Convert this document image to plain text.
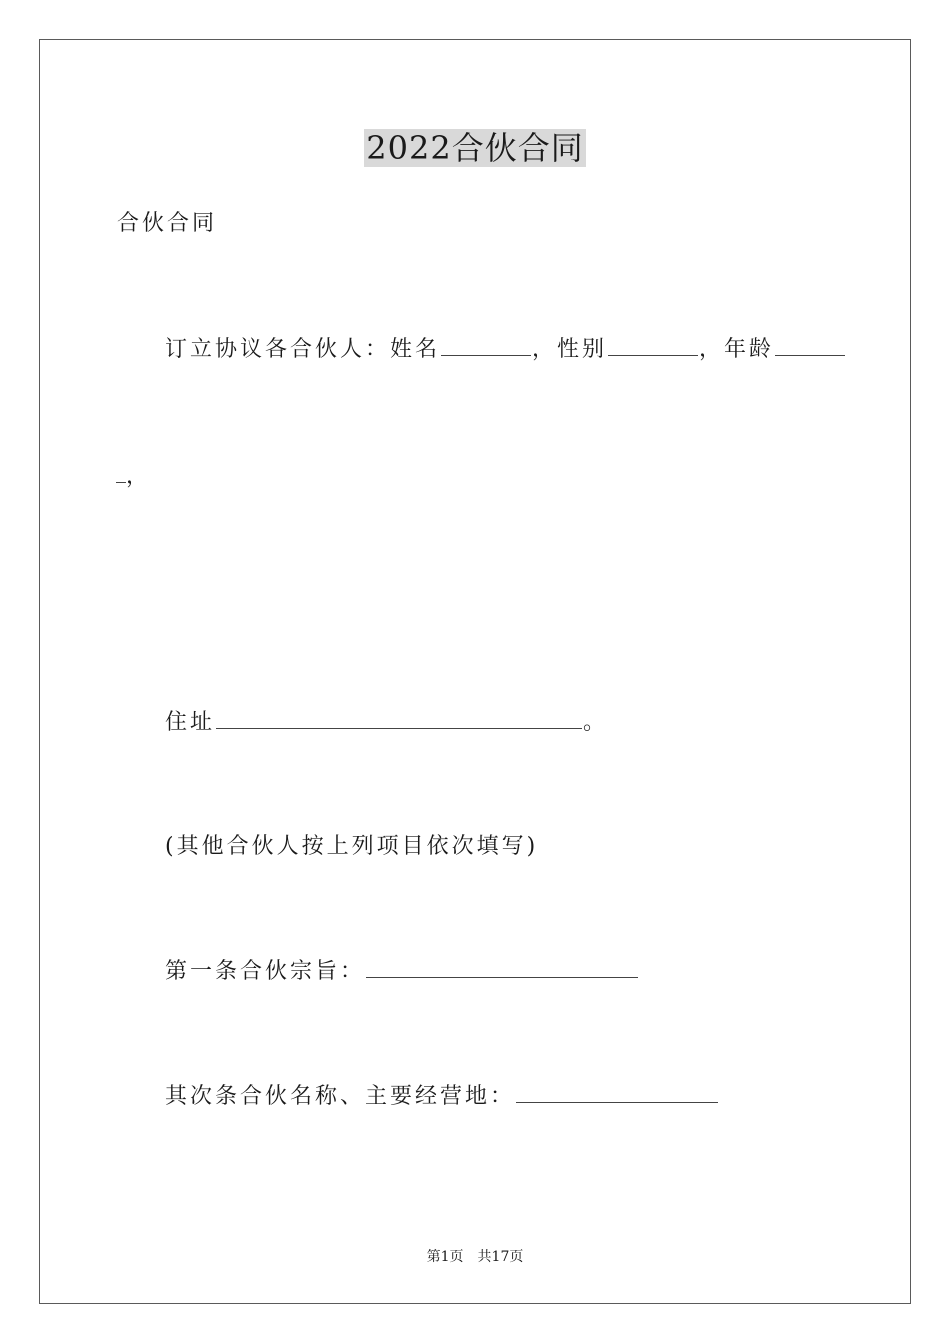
2022合伙合同
合伙合同
订立协议各合伙人：姓名	，性别	，年龄
，
住址	。
(其他合伙人按上列项目依次填写)
第一条合伙宗旨：
其次条合伙名称、主要经营地：
第1页 共17页
